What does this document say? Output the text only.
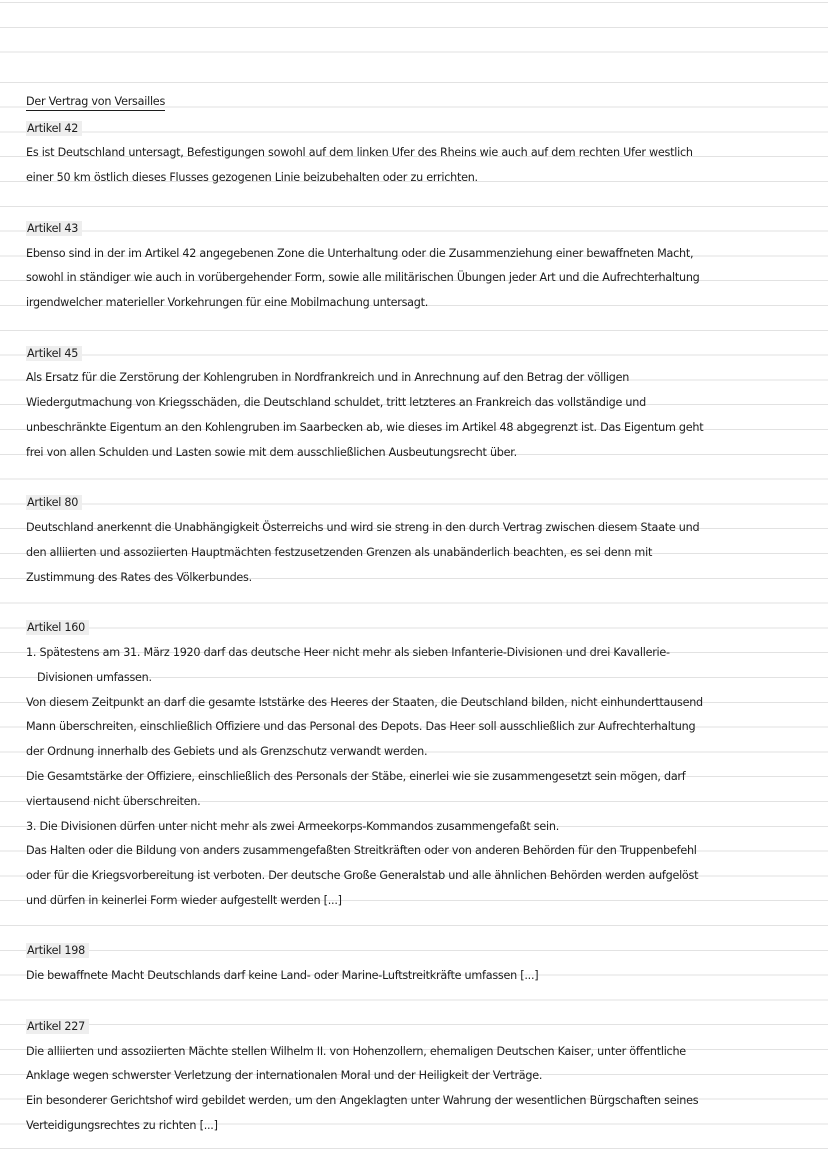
Der Vertrag von Versailles
Artikel 42

Es ist Deutschland untersagt, Befestigungen sowohl auf dem linken Ufer des Rheins wie auch auf dem rechten Ufer westlich

einer 50 km östlich dieses Flusses gezogenen Linie beizubehalten oder zu errichten.

Artikel 43

Ebenso sind in der im Artikel 42 angegebenen Zone die Unterhaltung oder die Zusammenziehung einer bewaffneten Macht,

sowohl in ständiger wie auch in vorübergehender Form, sowie alle militärischen Übungen jeder Art und die Aufrechterhaltung

irgendwelcher materieller Vorkehrungen für eine Mobilmachung untersagt.

Artikel 45

Als Ersatz für die Zerstörung der Kohlengruben in Nordfrankreich und in Anrechnung auf den Betrag der völligen

Wiedergutmachung von Kriegsschäden, die Deutschland schuldet, tritt letzteres an Frankreich das vollständige und

unbeschränkte Eigentum an den Kohlengruben im Saarbecken ab, wie dieses im Artikel 48 abgegrenzt ist. Das Eigentum geht

frei von allen Schulden und Lasten sowie mit dem ausschließlichen Ausbeutungsrecht über.

Artikel 80

Deutschland anerkennt die Unabhängigkeit Österreichs und wird sie streng in den durch Vertrag zwischen diesem Staate und

den alliierten und assoziierten Hauptmächten festzusetzenden Grenzen als unabänderlich beachten, es sei denn mit

Zustimmung des Rates des Völkerbundes.

Artikel 160

1. Spätestens am 31. März 1920 darf das deutsche Heer nicht mehr als sieben Infanterie-Divisionen und drei Kavallerie-

Divisionen umfassen.

Von diesem Zeitpunkt an darf die gesamte Iststärke des Heeres der Staaten, die Deutschland bilden, nicht einhunderttausend

Mann überschreiten, einschließlich Offiziere und das Personal des Depots. Das Heer soll ausschließlich zur Aufrechterhaltung

der Ordnung innerhalb des Gebiets und als Grenzschutz verwandt werden.

Die Gesamtstärke der Offiziere, einschließlich des Personals der Stäbe, einerlei wie sie zusammengesetzt sein mögen, darf

viertausend nicht überschreiten.

3. Die Divisionen dürfen unter nicht mehr als zwei Armeekorps-Kommandos zusammengefaßt sein.

Das Halten oder die Bildung von anders zusammengefaßten Streitkräften oder von anderen Behörden für den Truppenbefehl

oder für die Kriegsvorbereitung ist verboten. Der deutsche Große Generalstab und alle ähnlichen Behörden werden aufgelöst

und dürfen in keinerlei Form wieder aufgestellt werden [...]

Artikel 198

Die bewaffnete Macht Deutschlands darf keine Land- oder Marine-Luftstreitkräfte umfassen [...]

Artikel 227

Die alliierten und assoziierten Mächte stellen Wilhelm II. von Hohenzollern, ehemaligen Deutschen Kaiser, unter öffentliche

Anklage wegen schwerster Verletzung der internationalen Moral und der Heiligkeit der Verträge.

Ein besonderer Gerichtshof wird gebildet werden, um den Angeklagten unter Wahrung der wesentlichen Bürgschaften seines

Verteidigungsrechtes zu richten [...]
